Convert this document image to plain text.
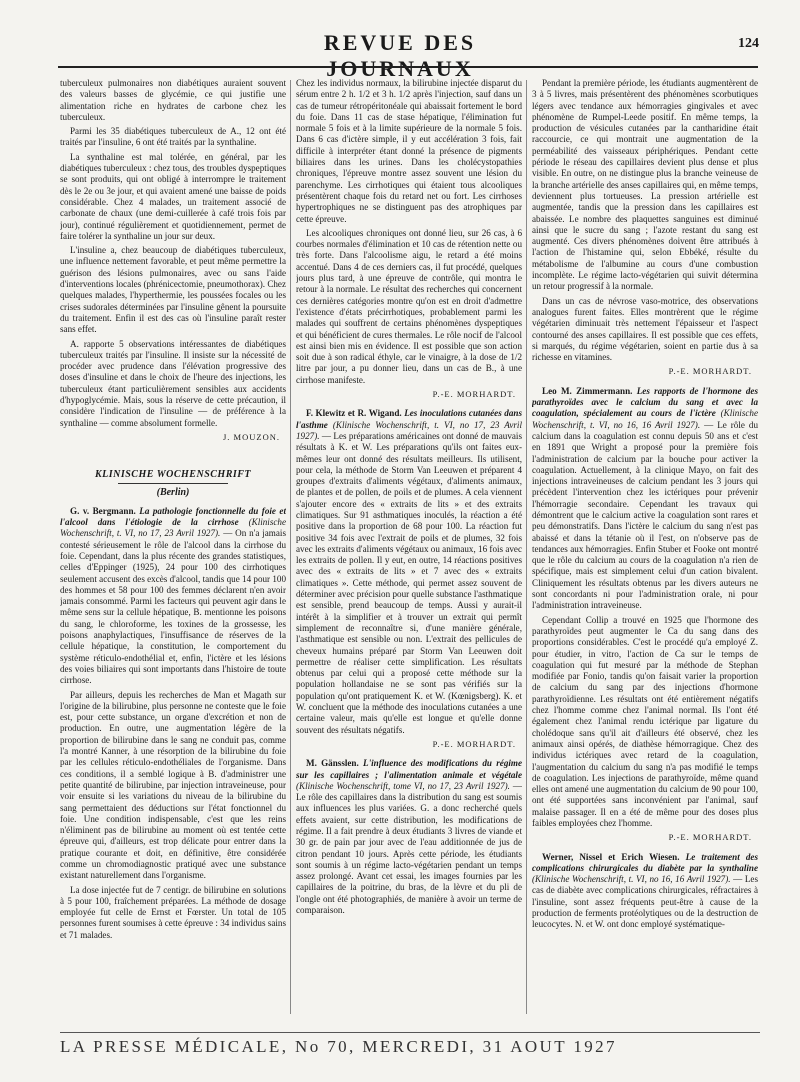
REVUE DES JOURNAUX
124

tuberculeux pulmonaires non diabétiques auraient souvent des valeurs basses de glycémie, ce qui justifie une alimentation riche en hydrates de carbone chez les tuberculeux.

Parmi les 35 diabétiques tuberculeux de A., 12 ont été traités par l'insuline, 6 ont été traités par la synthaline.

La synthaline est mal tolérée, en général, par les diabétiques tuberculeux : chez tous, des troubles dyspeptiques se sont produits, qui ont obligé à interrompre le traitement dès le 2e ou 3e jour, et qui avaient amené une baisse de poids considérable. Chez 4 malades, un traitement associé de carbonate de chaux (une demi-cuillerée à café trois fois par jour), continué régulièrement et quotidiennement, permet de faire tolérer la synthaline un jour sur deux.

L'insuline a, chez beaucoup de diabétiques tuberculeux, une influence nettement favorable, et peut même permettre la guérison des lésions pulmonaires, avec ou sans l'aide d'interventions locales (phrénicectomie, pneumothorax). Chez quelques malades, l'hyperthermie, les poussées focales ou les crises sudorales déterminées par l'insuline gênent la poursuite du traitement. Enfin il est des cas où l'insuline paraît rester sans effet.

A. rapporte 5 observations intéressantes de diabétiques tuberculeux traités par l'insuline. Il insiste sur la nécessité de procéder avec prudence dans l'élévation progressive des doses d'insuline et dans le choix de l'heure des injections, les tuberculeux étant particulièrement sensibles aux accidents d'hypoglycémie. Mais, sous la réserve de cette précaution, il considère l'indication de l'insuline — de préférence à la synthaline — comme absolument formelle.

J. MOUZON.
KLINISCHE WOCHENSCHRIFT
(Berlin)

G. v. Bergmann. La pathologie fonctionnelle du foie et l'alcool dans l'étiologie de la cirrhose (Klinische Wochenschrift, t. VI, no 17, 23 Avril 1927). — On n'a jamais contesté sérieusement le rôle de l'alcool dans la cirrhose du foie. Cependant, dans la plus récente des grandes statistiques, celles d'Eppinger (1925), 24 pour 100 des cirrhotiques seulement accusent des excès d'alcool, tandis que 14 pour 100 des hommes et 58 pour 100 des femmes déclarent n'en avoir jamais consommé. Parmi les facteurs qui peuvent agir dans le même sens sur la cellule hépatique, B. mentionne les poisons du sang, le chloroforme, les toxines de la grossesse, les poisons anaphylactiques, l'insuffisance de réserves de la cellule hépatique, la constitution, le comportement du système réticulo-endothélial et, enfin, l'ictère et les lésions des voies biliaires qui sont importants dans l'histoire de toute cirrhose.

Par ailleurs, depuis les recherches de Man et Magath sur l'origine de la bilirubine, plus personne ne conteste que le foie est, pour cette substance, un organe d'excrétion et non de production. En outre, une augmentation légère de la proportion de bilirubine dans le sang ne conduit pas, comme l'a montré Kanner, à une résorption de la bilirubine du foie par les cellules réticulo-endothéliales de l'organisme. Dans ces conditions, il a semblé logique à B. d'administrer une petite quantité de bilirubine, par injection intraveineuse, pour voir ensuite si les variations du niveau de la bilirubine du sang permettaient des déductions sur l'état fonctionnel du foie. Une condition indispensable, c'est que les reins n'éliminent pas de bilirubine au moment où est tentée cette épreuve qui, d'ailleurs, est trop délicate pour entrer dans la pratique courante et doit, en définitive, être considérée comme un chromodiagnostic pratiqué avec une substance existant naturellement dans l'organisme.

La dose injectée fut de 7 centigr. de bilirubine en solutions à 5 pour 100, fraîchement préparées. La méthode de dosage employée fut celle de Ernst et Fœrster. Un total de 105 personnes furent soumises à cette épreuve : 34 individus sains et 71 malades.

Chez les individus normaux, la bilirubine injectée disparut du sérum entre 2 h. 1/2 et 3 h. 1/2 après l'injection, sauf dans un cas de tumeur rétropéritonéale qui abaissait fortement le bord du foie. Dans 11 cas de stase hépatique, l'élimination fut normale 5 fois et à la limite supérieure de la normale 5 fois. Dans 6 cas d'ictère simple, il y eut accélération 3 fois, fait difficile à interpréter étant donné la présence de pigments biliaires dans les urines. Dans les cholécystopathies chroniques, l'épreuve montre assez souvent une lésion du parenchyme. Les cirrhotiques qui étaient tous alcooliques présentèrent chaque fois du retard net ou fort. Les cirrhoses hypertrophiques ne se distinguent pas des atrophiques par cette épreuve.

Les alcooliques chroniques ont donné lieu, sur 26 cas, à 6 courbes normales d'élimination et 10 cas de rétention nette ou très forte. Dans l'alcoolisme aigu, le retard a été moins accentué. Dans 4 de ces derniers cas, il fut procédé, quelques jours plus tard, à une épreuve de contrôle, qui montra le retour à la normale. Le résultat des recherches qui concernent ces dernières catégories montre qu'on est en droit d'admettre l'existence d'états précirrhotiques, probablement parmi les malades qui souffrent de certains phénomènes dyspeptiques et qui bénéficient de cures thermales. Le rôle nocif de l'alcool est ainsi bien mis en évidence. Il est possible que son action soit due à son radical éthyle, car le vinaigre, à la dose de 1/2 litre par jour, a pu donner lieu, dans un cas de B., à une cirrhose manifeste.

P.-E. MORHARDT.

F. Klewitz et R. Wigand. Les inoculations cutanées dans l'asthme (Klinische Wochenschrift, t. VI, no 17, 23 Avril 1927). — Les préparations américaines ont donné de mauvais résultats à K. et W. Les préparations qu'ils ont faites eux-mêmes leur ont donné des résultats meilleurs. Ils utilisent, pour cela, la méthode de Storm Van Leeuwen et préparent 4 groupes d'extraits d'aliments végétaux, d'aliments animaux, de plantes et de pollen, de poils et de plumes. A cela viennent s'ajouter encore des « extraits de lits » et des extraits climatiques. Sur 91 asthmatiques inoculés, la réaction a été positive dans la proportion de 68 pour 100. La réaction fut positive 34 fois avec l'extrait de poils et de plumes, 32 fois avec les extraits d'aliments végétaux ou animaux, 16 fois avec les extraits de pollen. Il y eut, en outre, 14 réactions positives avec des « extraits de lits » et 7 avec des « extraits climatiques ». Cette méthode, qui permet assez souvent de déterminer avec précision pour quelle substance l'asthmatique est sensible, prend beaucoup de temps. Aussi y aurait-il intérêt à la simplifier et à trouver un extrait qui permît simplement de reconnaître si, d'une manière générale, l'asthmatique est sensible ou non. L'extrait des pellicules de cheveux humains préparé par Storm Van Leeuwen doit permettre de réaliser cette simplification. Les résultats obtenus par celui qui a proposé cette méthode sur la population hollandaise ne se sont pas vérifiés sur la population qu'ont pratiquement K. et W. (Kœnigsberg). K. et W. concluent que la méthode des inoculations cutanées a une certaine valeur, mais qu'elle est longue et qu'elle donne souvent des résultats négatifs.

P.-E. MORHARDT.

M. Gänsslen. L'influence des modifications du régime sur les capillaires ; l'alimentation animale et végétale (Klinische Wochenschrift, tome VI, no 17, 23 Avril 1927). — Le rôle des capillaires dans la distribution du sang est soumis aux influences les plus variées. G. a donc recherché quels effets avaient, sur cette distribution, les modifications de régime. Il a fait prendre à deux étudiants 3 livres de viande et 30 gr. de pain par jour avec de l'eau additionnée de jus de citron pendant 10 jours. Après cette période, les étudiants sont soumis à un régime lacto-végétarien pendant un temps assez prolongé. Avant cet essai, les images fournies par les capillaires de la poitrine, du bras, de la lèvre et du pli de l'ongle ont été photographiés, de manière à avoir un terme de comparaison.

Pendant la première période, les étudiants augmentèrent de 3 à 5 livres, mais présentèrent des phénomènes scorbutiques légers avec tendance aux hémorragies gingivales et avec phénomène de Rumpel-Leede positif. En même temps, la production de vésicules cutanées par la cantharidine était raccourcie, ce qui montrait une augmentation de la perméabilité des vaisseaux périphériques. Pendant cette période le réseau des capillaires devient plus dense et plus visible. En outre, on ne distingue plus la branche veineuse de la branche artérielle des anses capillaires qui, en même temps, deviennent plus tortueuses. La pression artérielle est augmentée, tandis que la pression dans les capillaires est abaissée. Le nombre des plaquettes sanguines est diminué ainsi que le sucre du sang ; l'azote restant du sang est augmenté. Ces divers phénomènes doivent être attribués à l'action de l'histamine qui, selon Ebbéké, résulte du métabolisme de l'albumine au cours d'une combustion incomplète. Le régime lacto-végétarien qui suivit détermina un retour progressif à la normale.

Dans un cas de névrose vaso-motrice, des observations analogues furent faites. Elles montrèrent que le régime végétarien diminuait très nettement l'épaisseur et l'aspect contourné des anses capillaires. Il est possible que ces effets, si marqués, du régime végétarien, soient en partie dus à sa richesse en vitamines.

P.-E. MORHARDT.

Leo M. Zimmermann. Les rapports de l'hormone des parathyroïdes avec le calcium du sang et avec la coagulation, spécialement au cours de l'ictère (Klinische Wochenschrift, t. VI, no 16, 16 Avril 1927). — Le rôle du calcium dans la coagulation est connu depuis 50 ans et c'est en 1891 que Wright a proposé pour la première fois l'administration de calcium par la bouche pour activer la coagulation. Actuellement, à la clinique Mayo, on fait des injections intraveineuses de calcium pendant les 3 jours qui précèdent l'intervention chez les ictériques pour prévenir l'hémorragie secondaire. Cependant les travaux qui démontrent que le calcium active la coagulation sont rares et peu démonstratifs. Dans l'ictère le calcium du sang n'est pas abaissé et dans la tétanie où il l'est, on n'observe pas de tendances aux hémorragies. Enfin Stuber et Fooke ont montré que le rôle du calcium au cours de la coagulation n'a rien de spécifique, mais est simplement celui d'un cation bivalent. Cliniquement les résultats obtenus par les divers auteurs ne sont concordants ni pour l'administration orale, ni pour l'administration intraveineuse.

Cependant Collip a trouvé en 1925 que l'hormone des parathyroïdes peut augmenter le Ca du sang dans des proportions considérables. C'est le procédé qu'a employé Z. pour étudier, in vitro, l'action de Ca sur le temps de coagulation qui fut mesuré par la méthode de Stephan modifiée par Fonio, tandis qu'on faisait varier la proportion de calcium du sang par des injections d'hormone parathyroïdienne. Les résultats ont été entièrement négatifs chez l'homme comme chez l'animal normal. Ils l'ont été également chez l'animal rendu ictérique par ligature du cholédoque sans qu'il ait d'ailleurs été observé, chez les animaux ainsi opérés, de diathèse hémorragique. Chez des individus ictériques avec retard de la coagulation, l'augmentation du calcium du sang n'a pas modifié le temps de coagulation. Les injections de parathyroïde, même quand elles ont amené une augmentation du calcium de 90 pour 100, ont été supportées sans inconvénient par l'animal, sauf malaise passager. Il en a été de même pour des doses plus faibles employées chez l'homme.

P.-E. MORHARDT.

Werner, Nissel et Erich Wiesen. Le traitement des complications chirurgicales du diabète par la synthaline (Klinische Wochenschrift, t. VI, no 16, 16 Avril 1927). — Les cas de diabète avec complications chirurgicales, réfractaires à l'insuline, sont assez fréquents peut-être à cause de la production de ferments protéolytiques ou de la destruction de leucocytes. N. et W. ont donc employé systématique-

LA PRESSE MÉDICALE, No 70, MERCREDI, 31 AOUT 1927
